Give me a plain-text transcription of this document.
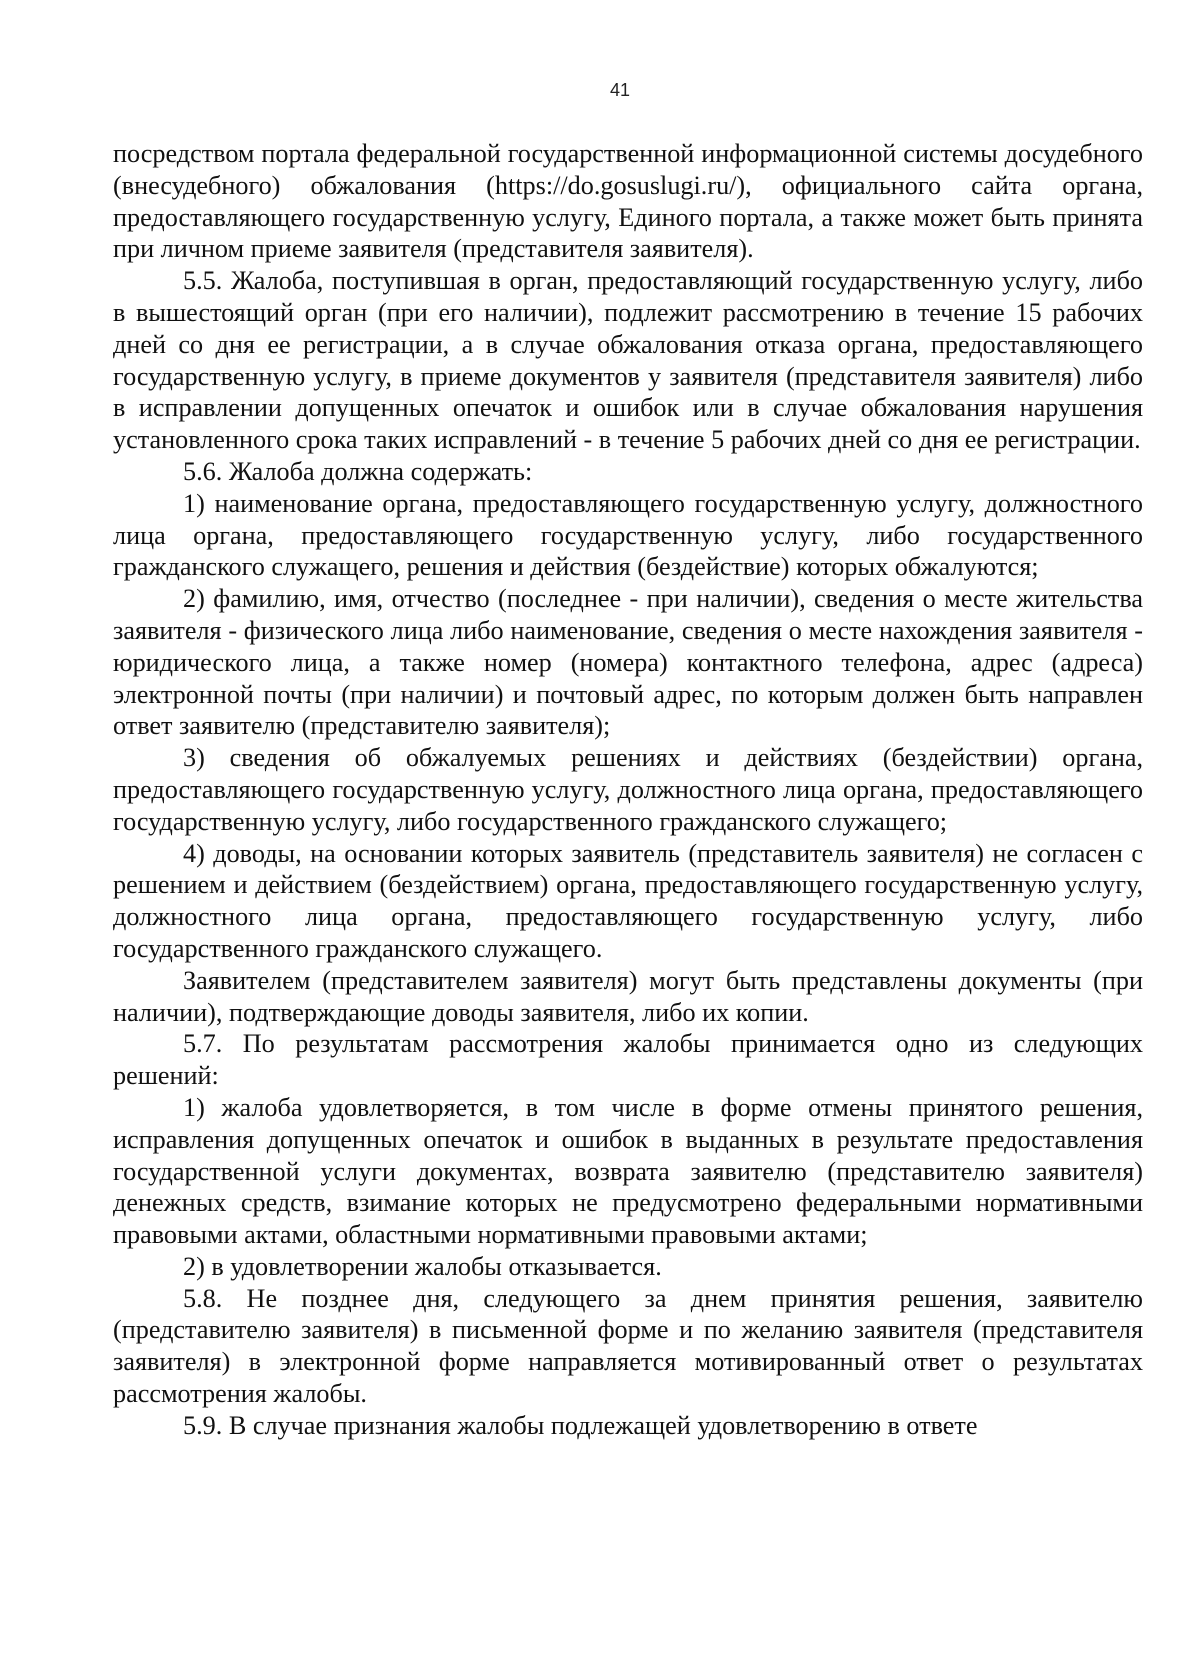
41

посредством портала федеральной государственной информационной системы досудебного (внесудебного) обжалования (https://do.gosuslugi.ru/), официального сайта органа, предоставляющего государственную услугу, Единого портала, а также может быть принята при личном приеме заявителя (представителя заявителя).

5.5. Жалоба, поступившая в орган, предоставляющий государственную услугу, либо в вышестоящий орган (при его наличии), подлежит рассмотрению в течение 15 рабочих дней со дня ее регистрации, а в случае обжалования отказа органа, предоставляющего государственную услугу, в приеме документов у заявителя (представителя заявителя) либо в исправлении допущенных опечаток и ошибок или в случае обжалования нарушения установленного срока таких исправлений - в течение 5 рабочих дней со дня ее регистрации.

5.6. Жалоба должна содержать:

1) наименование органа, предоставляющего государственную услугу, должностного лица органа, предоставляющего государственную услугу, либо государственного гражданского служащего, решения и действия (бездействие) которых обжалуются;

2) фамилию, имя, отчество (последнее - при наличии), сведения о месте жительства заявителя - физического лица либо наименование, сведения о месте нахождения заявителя - юридического лица, а также номер (номера) контактного телефона, адрес (адреса) электронной почты (при наличии) и почтовый адрес, по которым должен быть направлен ответ заявителю (представителю заявителя);

3) сведения об обжалуемых решениях и действиях (бездействии) органа, предоставляющего государственную услугу, должностного лица органа, предоставляющего государственную услугу, либо государственного гражданского служащего;

4) доводы, на основании которых заявитель (представитель заявителя) не согласен с решением и действием (бездействием) органа, предоставляющего государственную услугу, должностного лица органа, предоставляющего государственную услугу, либо государственного гражданского служащего.

Заявителем (представителем заявителя) могут быть представлены документы (при наличии), подтверждающие доводы заявителя, либо их копии.

5.7. По результатам рассмотрения жалобы принимается одно из следующих решений:

1) жалоба удовлетворяется, в том числе в форме отмены принятого решения, исправления допущенных опечаток и ошибок в выданных в результате предоставления государственной услуги документах, возврата заявителю (представителю заявителя) денежных средств, взимание которых не предусмотрено федеральными нормативными правовыми актами, областными нормативными правовыми актами;

2) в удовлетворении жалобы отказывается.

5.8. Не позднее дня, следующего за днем принятия решения, заявителю (представителю заявителя) в письменной форме и по желанию заявителя (представителя заявителя) в электронной форме направляется мотивированный ответ о результатах рассмотрения жалобы.

5.9. В случае признания жалобы подлежащей удовлетворению в ответе
